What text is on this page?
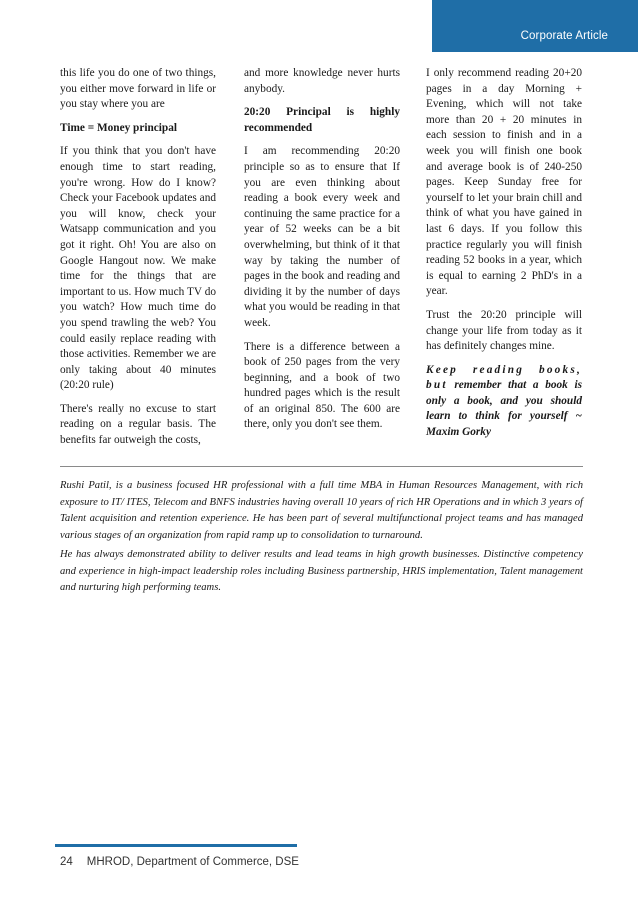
Corporate Article

this life you do one of two things, you either move forward in life or you stay where you are

Time = Money principal

If you think that you don't have enough time to start reading, you're wrong. How do I know? Check your Facebook updates and you will know, check your Watsapp communication and you got it right. Oh! You are also on Google Hangout now. We make time for the things that are important to us. How much TV do you watch? How much time do you spend trawling the web? You could easily replace reading with those activities. Remember we are only taking about 40 minutes (20:20 rule)

There's really no excuse to start reading on a regular basis. The benefits far outweigh the costs,

and more knowledge never hurts anybody.

20:20 Principal is highly recommended

I am recommending 20:20 principle so as to ensure that If you are even thinking about reading a book every week and continuing the same practice for a year of 52 weeks can be a bit overwhelming, but think of it that way by taking the number of pages in the book and reading and dividing it by the number of days what you would be reading in that week.

There is a difference between a book of 250 pages from the very beginning, and a book of two hundred pages which is the result of an original 850. The 600 are there, only you don't see them.

I only recommend reading 20+20 pages in a day Morning + Evening, which will not take more than 20 + 20 minutes in each session to finish and in a week you will finish one book and average book is of 240-250 pages. Keep Sunday free for yourself to let your brain chill and think of what you have gained in last 6 days. If you follow this practice regularly you will finish reading 52 books in a year, which is equal to earning 2 PhD's in a year.

Trust the 20:20 principle will change your life from today as it has definitely changes mine.

Keep reading books, but remember that a book is only a book, and you should learn to think for yourself ~ Maxim Gorky

Rushi Patil, is a business focused HR professional with a full time MBA in Human Resources Management, with rich exposure to IT/ ITES, Telecom and BNFS industries having overall 10 years of rich HR Operations and in which 3 years of Talent acquisition and retention experience. He has been part of several multifunctional project teams and has managed various stages of an organization from rapid ramp up to consolidation to turnaround.

He has always demonstrated ability to deliver results and lead teams in high growth businesses. Distinctive competency and experience in high-impact leadership roles including Business partnership, HRIS implementation, Talent management and nurturing high performing teams.

24 MHROD, Department of Commerce, DSE
